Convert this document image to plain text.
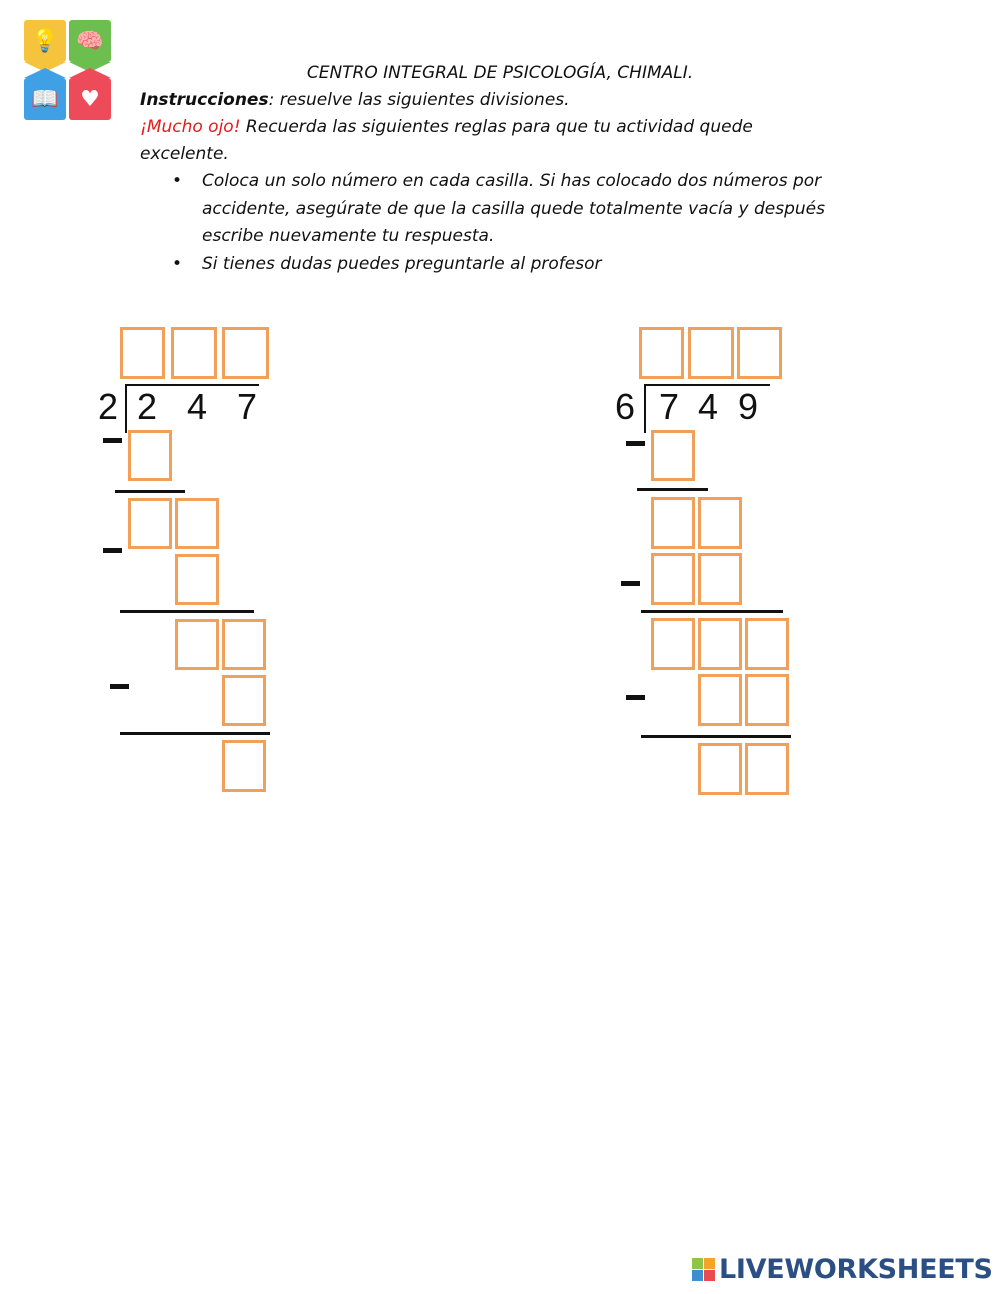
💡 🧠
📖 ♥
CENTRO INTEGRAL DE PSICOLOGÍA, CHIMALI.
Instrucciones: resuelve las siguientes divisiones.
¡Mucho ojo! Recuerda las siguientes reglas para que tu actividad quede excelente.
• Coloca un solo número en cada casilla. Si has colocado dos números por accidente, asegúrate de que la casilla quede totalmente vacía y después escribe nuevamente tu respuesta.
• Si tienes dudas puedes preguntarle al profesor
2 2 4 7	6 7 4 9
LIVEWORKSHEETS
